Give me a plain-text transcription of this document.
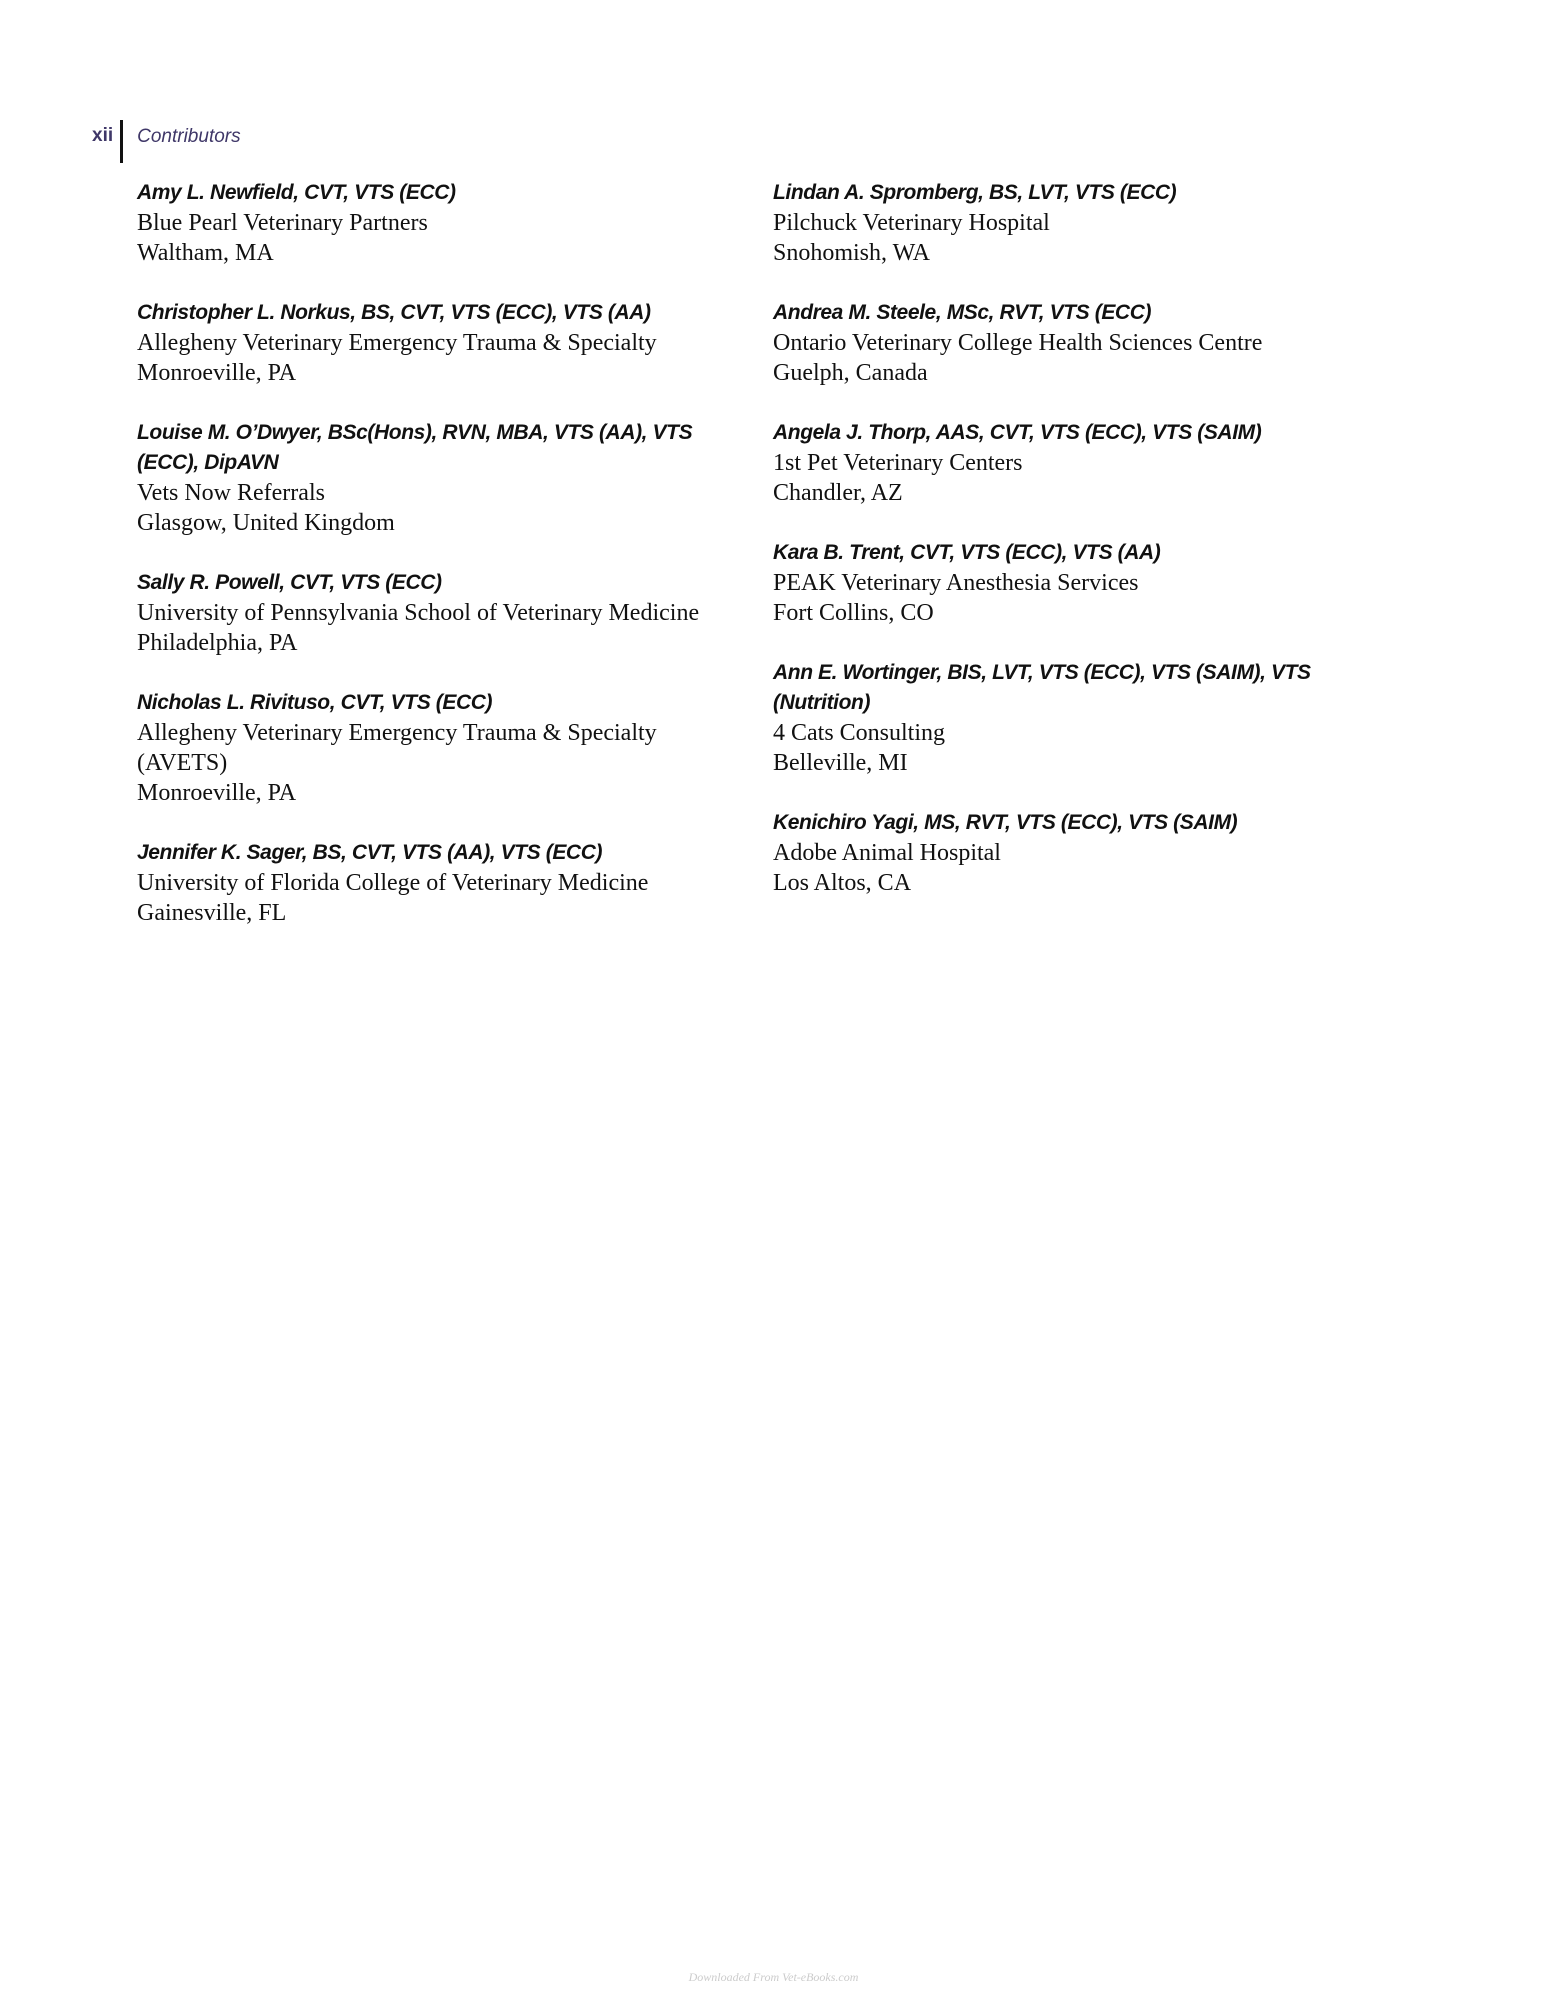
xii	Contributors
Amy L. Newfield, CVT, VTS (ECC)
Blue Pearl Veterinary Partners
Waltham, MA
Christopher L. Norkus, BS, CVT, VTS (ECC), VTS (AA)
Allegheny Veterinary Emergency Trauma & Specialty
Monroeville, PA
Louise M. O’Dwyer, BSc(Hons), RVN, MBA, VTS (AA), VTS (ECC), DipAVN
Vets Now Referrals
Glasgow, United Kingdom
Sally R. Powell, CVT, VTS (ECC)
University of Pennsylvania School of Veterinary Medicine
Philadelphia, PA
Nicholas L. Rivituso, CVT, VTS (ECC)
Allegheny Veterinary Emergency Trauma & Specialty (AVETS)
Monroeville, PA
Jennifer K. Sager, BS, CVT, VTS (AA), VTS (ECC)
University of Florida College of Veterinary Medicine
Gainesville, FL
Lindan A. Spromberg, BS, LVT, VTS (ECC)
Pilchuck Veterinary Hospital
Snohomish, WA
Andrea M. Steele, MSc, RVT, VTS (ECC)
Ontario Veterinary College Health Sciences Centre
Guelph, Canada
Angela J. Thorp, AAS, CVT, VTS (ECC), VTS (SAIM)
1st Pet Veterinary Centers
Chandler, AZ
Kara B. Trent, CVT, VTS (ECC), VTS (AA)
PEAK Veterinary Anesthesia Services
Fort Collins, CO
Ann E. Wortinger, BIS, LVT, VTS (ECC), VTS (SAIM), VTS (Nutrition)
4 Cats Consulting
Belleville, MI
Kenichiro Yagi, MS, RVT, VTS (ECC), VTS (SAIM)
Adobe Animal Hospital
Los Altos, CA
Downloaded From Vet-eBooks.com
